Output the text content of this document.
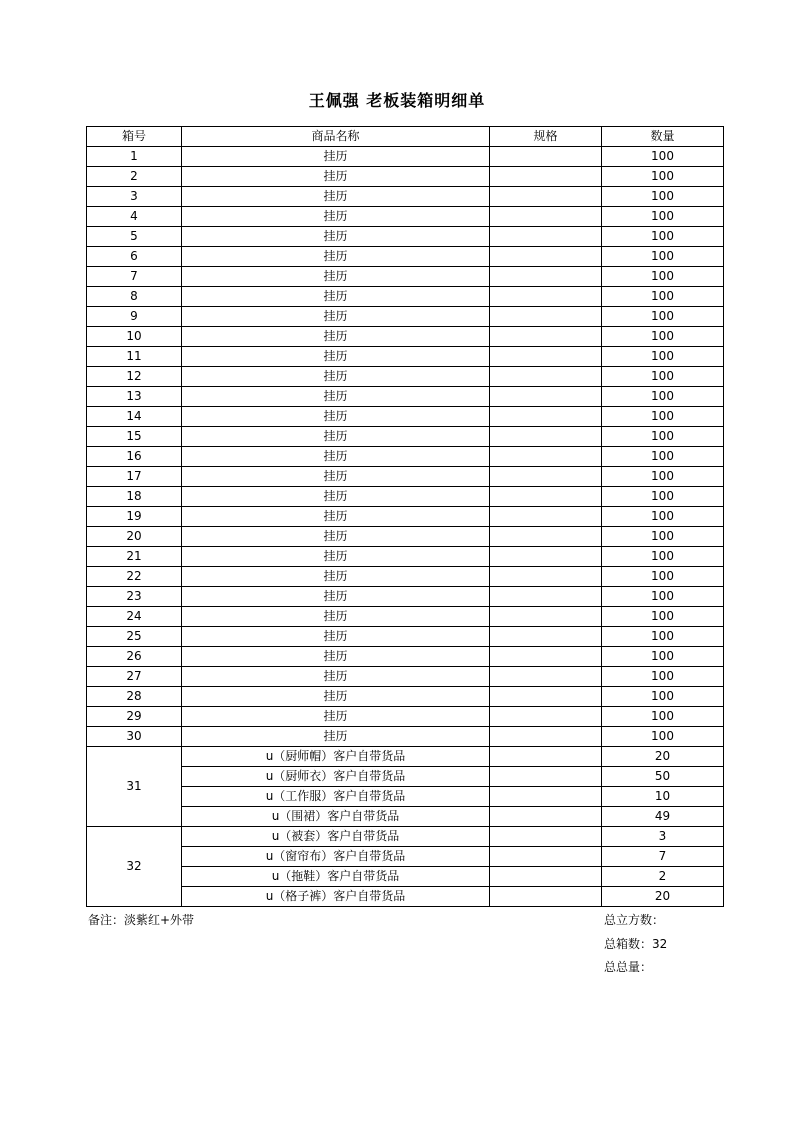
王佩强 老板装箱明细单
箱号	商品名称	规格	数量
1	挂历		100
2	挂历		100
3	挂历		100
4	挂历		100
5	挂历		100
6	挂历		100
7	挂历		100
8	挂历		100
9	挂历		100
10	挂历		100
11	挂历		100
12	挂历		100
13	挂历		100
14	挂历		100
15	挂历		100
16	挂历		100
17	挂历		100
18	挂历		100
19	挂历		100
20	挂历		100
21	挂历		100
22	挂历		100
23	挂历		100
24	挂历		100
25	挂历		100
26	挂历		100
27	挂历		100
28	挂历		100
29	挂历		100
30	挂历		100
31	u（厨师帽）客户自带货品		20
	u（厨师衣）客户自带货品		50
	u（工作服）客户自带货品		10
	u（围裙）客户自带货品		49
32	u（被套）客户自带货品		3
	u（窗帘布）客户自带货品		7
	u（拖鞋）客户自带货品		2
	u（格子裤）客户自带货品		20
备注：淡紫红+外带	总立方数：
总箱数：32
总总量：
